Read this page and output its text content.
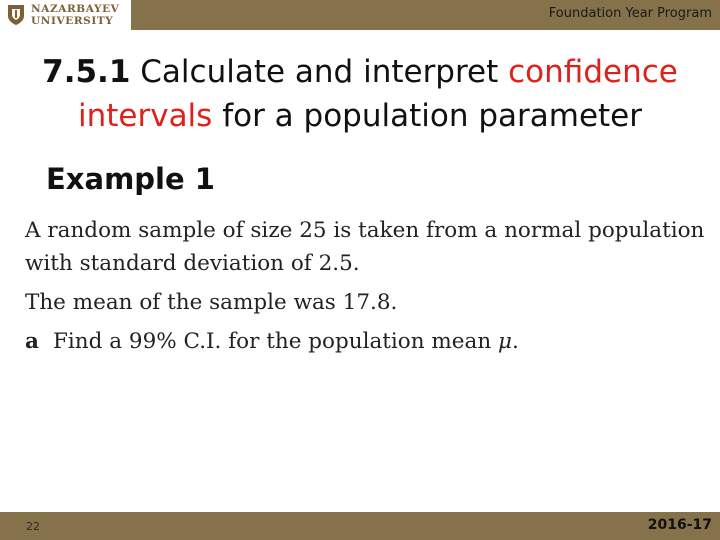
NAZARBAYEV
UNIVERSITY	Foundation Year Program
7.5.1 Calculate and interpret confidence
intervals for a population parameter
Example 1

A random sample of size 25 is taken from a normal population with standard deviation of 2.5.

The mean of the sample was 17.8.

a Find a 99% C.I. for the population mean μ.
22	2016-17
